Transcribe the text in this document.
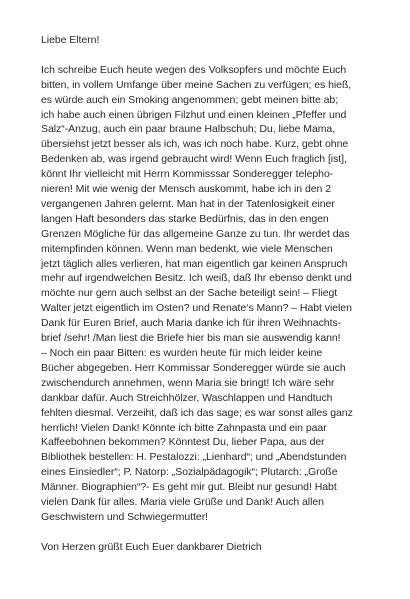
Liebe Eltern!
Ich schreibe Euch heute wegen des Volksopfers und möchte Euch
bitten, in vollem Umfange über meine Sachen zu verfügen; es hieß,
es würde auch ein Smoking angenommen; gebt meinen bitte ab;
ich habe auch einen übrigen Filzhut und einen kleinen „Pfeffer und
Salz“-Anzug, auch ein paar braune Halbschuh; Du, liebe Mama,
übersiehst jetzt besser als ich, was ich noch habe. Kurz, gebt ohne
Bedenken ab, was irgend gebraucht wird! Wenn Euch fraglich [ist],
könnt Ihr vielleicht mit Herrn Kommisssar Sonderegger telepho-
nieren! Mit wie wenig der Mensch auskommt, habe ich in den 2
vergangenen Jahren gelernt. Man hat in der Tatenlosigkeit einer
langen Haft besonders das starke Bedürfnis, das in den engen
Grenzen Mögliche für das allgemeine Ganze zu tun. Ihr werdet das
mitempfinden können. Wenn man bedenkt, wie viele Menschen
jetzt täglich alles verlieren, hat man eigentlich gar keinen Anspruch
mehr auf irgendwelchen Besitz. Ich weiß, daß Ihr ebenso denkt und
möchte nur gern auch selbst an der Sache beteiligt sein! – Fliegt
Walter jetzt eigentlich im Osten? und Renate‘s Mann? – Habt vielen
Dank für Euren Brief, auch Maria danke ich für ihren Weihnachts-
brief /sehr! /Man liest die Briefe hier bis man sie auswendig kann!
– Noch ein paar Bitten: es wurden heute für mich leider keine
Bücher abgegeben. Herr Kommissar Sonderegger würde sie auch
zwischendurch annehmen, wenn Maria sie bringt! Ich wäre sehr
dankbar dafür. Auch Streichhölzer, Waschlappen und Handtuch
fehlten diesmal. Verzeiht, daß ich das sage; es war sonst alles ganz
herrlich! Vielen Dank! Könnte ich bitte Zahnpasta und ein paar
Kaffeebohnen bekommen? Könntest Du, lieber Papa, aus der
Bibliothek bestellen: H. Pestalozzi: „Lienhard“; und „Abendstunden
eines Einsiedler“; P. Natorp: „Sozialpädagogik“; Plutarch: „Große
Männer. Biographien“?- Es geht mir gut. Bleibt nur gesund! Habt
vielen Dank für alles. Maria viele Grüße und Dank! Auch allen
Geschwistern und Schwiegermutter!
Von Herzen grüßt Euch Euer dankbarer Dietrich
